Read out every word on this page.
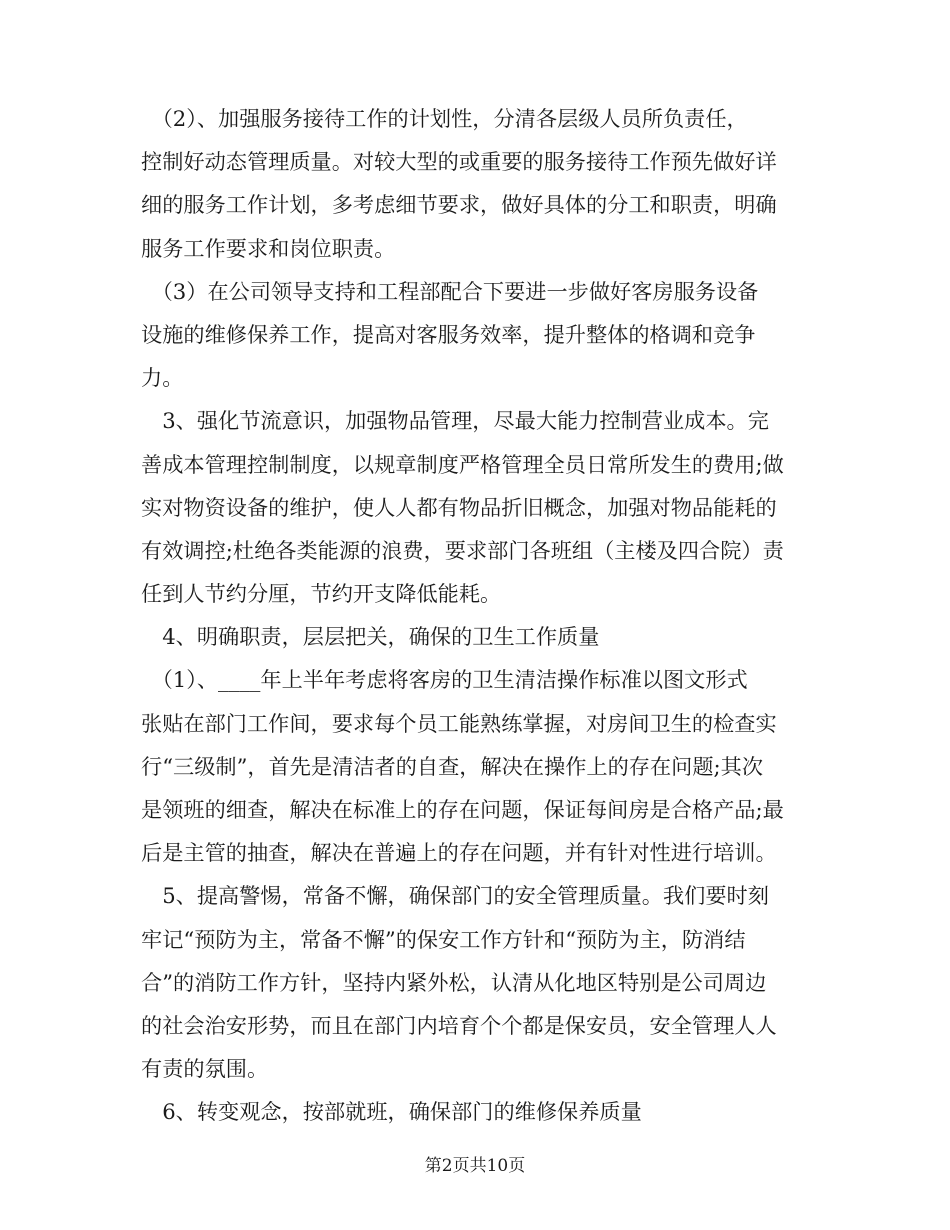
　（2）、加强服务接待工作的计划性，分清各层级人员所负责任，
控制好动态管理质量。对较大型的或重要的服务接待工作预先做好详
细的服务工作计划，多考虑细节要求，做好具体的分工和职责，明确
服务工作要求和岗位职责。
　（3）在公司领导支持和工程部配合下要进一步做好客房服务设备
设施的维修保养工作，提高对客服务效率，提升整体的格调和竞争
力。
　3、强化节流意识，加强物品管理，尽最大能力控制营业成本。完
善成本管理控制制度，以规章制度严格管理全员日常所发生的费用;做
实对物资设备的维护，使人人都有物品折旧概念，加强对物品能耗的
有效调控;杜绝各类能源的浪费，要求部门各班组（主楼及四合院）责
任到人节约分厘，节约开支降低能耗。
　4、明确职责，层层把关，确保的卫生工作质量
　（1）、____年上半年考虑将客房的卫生清洁操作标准以图文形式
张贴在部门工作间，要求每个员工能熟练掌握，对房间卫生的检查实
行“三级制”，首先是清洁者的自查，解决在操作上的存在问题;其次
是领班的细查，解决在标准上的存在问题，保证每间房是合格产品;最
后是主管的抽查，解决在普遍上的存在问题，并有针对性进行培训。
　5、提高警惕，常备不懈，确保部门的安全管理质量。我们要时刻
牢记“预防为主，常备不懈”的保安工作方针和“预防为主，防消结
合”的消防工作方针，坚持内紧外松，认清从化地区特别是公司周边
的社会治安形势，而且在部门内培育个个都是保安员，安全管理人人
有责的氛围。
　6、转变观念，按部就班，确保部门的维修保养质量
第2页共10页
